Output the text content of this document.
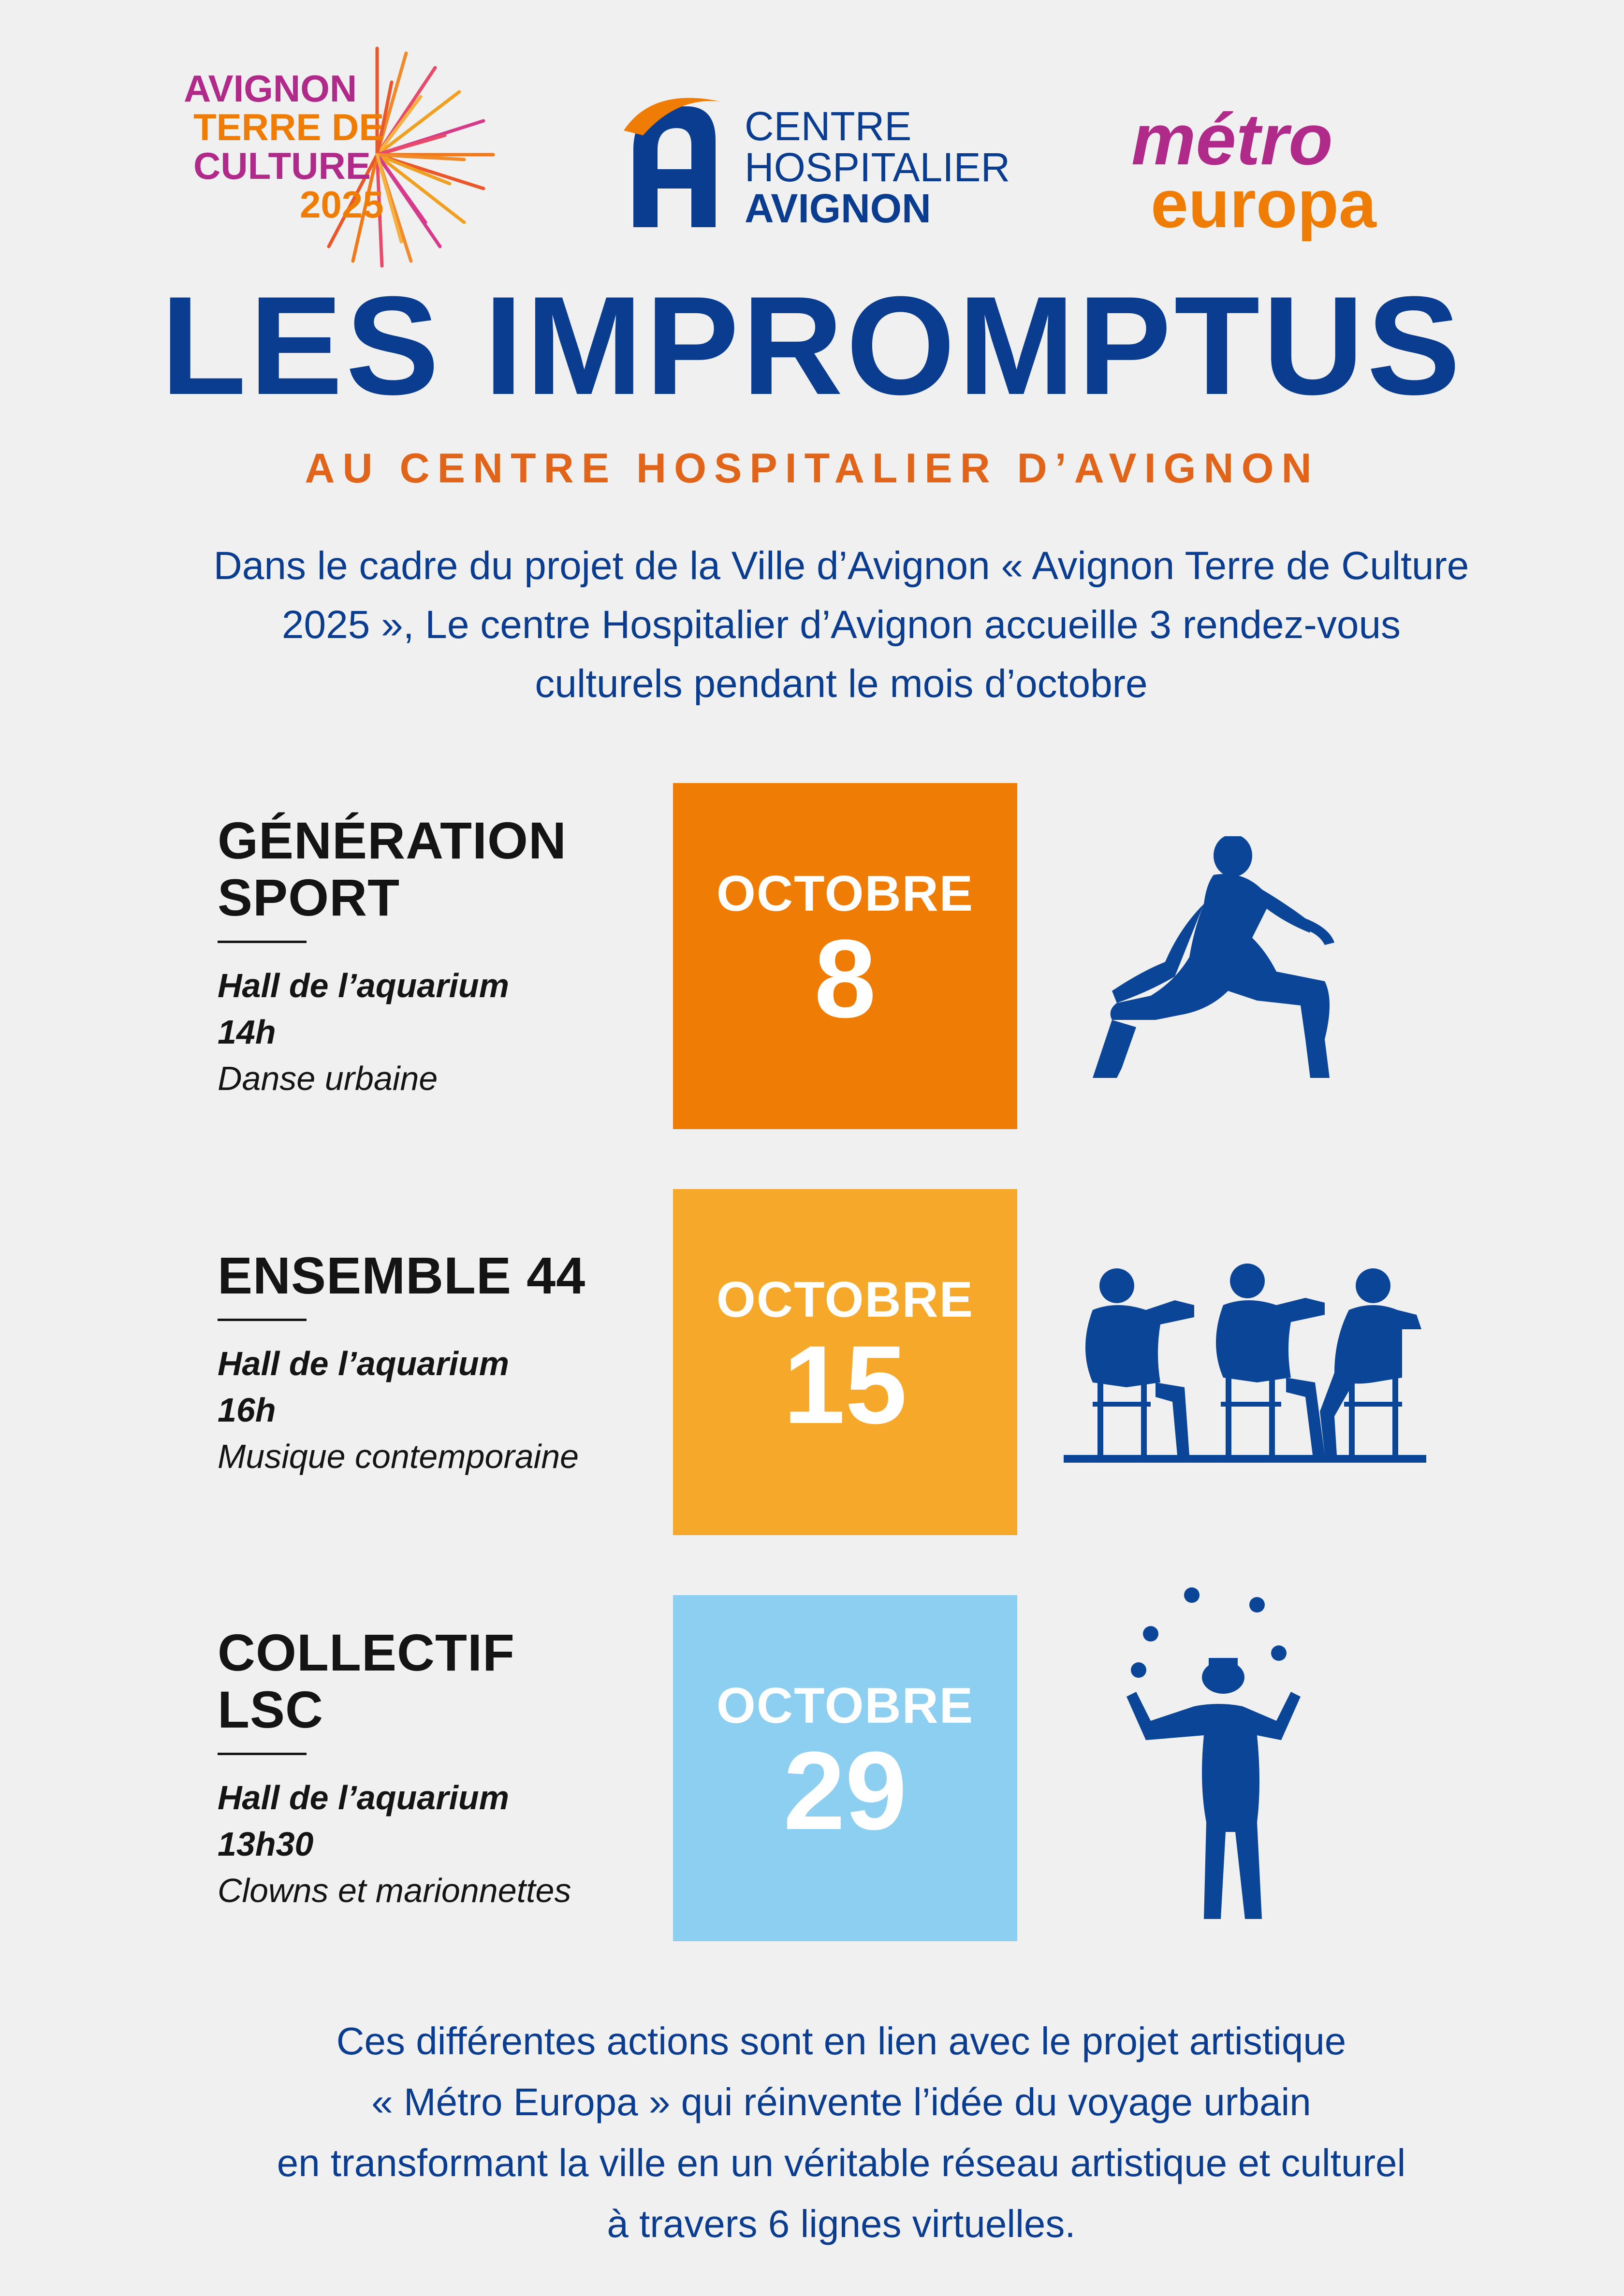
AVIGNON
TERRE DE
CULTURE
2025
CENTRE
HOSPITALIER
AVIGNON
métro
europa
LES IMPROMPTUS
AU CENTRE HOSPITALIER D’AVIGNON
Dans le cadre du projet de la Ville d’Avignon « Avignon Terre de Culture
2025 », Le centre Hospitalier d’Avignon accueille 3 rendez-vous
culturels pendant le mois d’octobre
GÉNÉRATION
SPORT
Hall de l’aquarium
14h
Danse urbaine
OCTOBRE
8
ENSEMBLE 44
Hall de l’aquarium
16h
Musique contemporaine
OCTOBRE
15
COLLECTIF
LSC
Hall de l’aquarium
13h30
Clowns et marionnettes
OCTOBRE
29
Ces différentes actions sont en lien avec le projet artistique
« Métro Europa » qui réinvente l’idée du voyage urbain
en transformant la ville en un véritable réseau artistique et culturel
à travers 6 lignes virtuelles.
